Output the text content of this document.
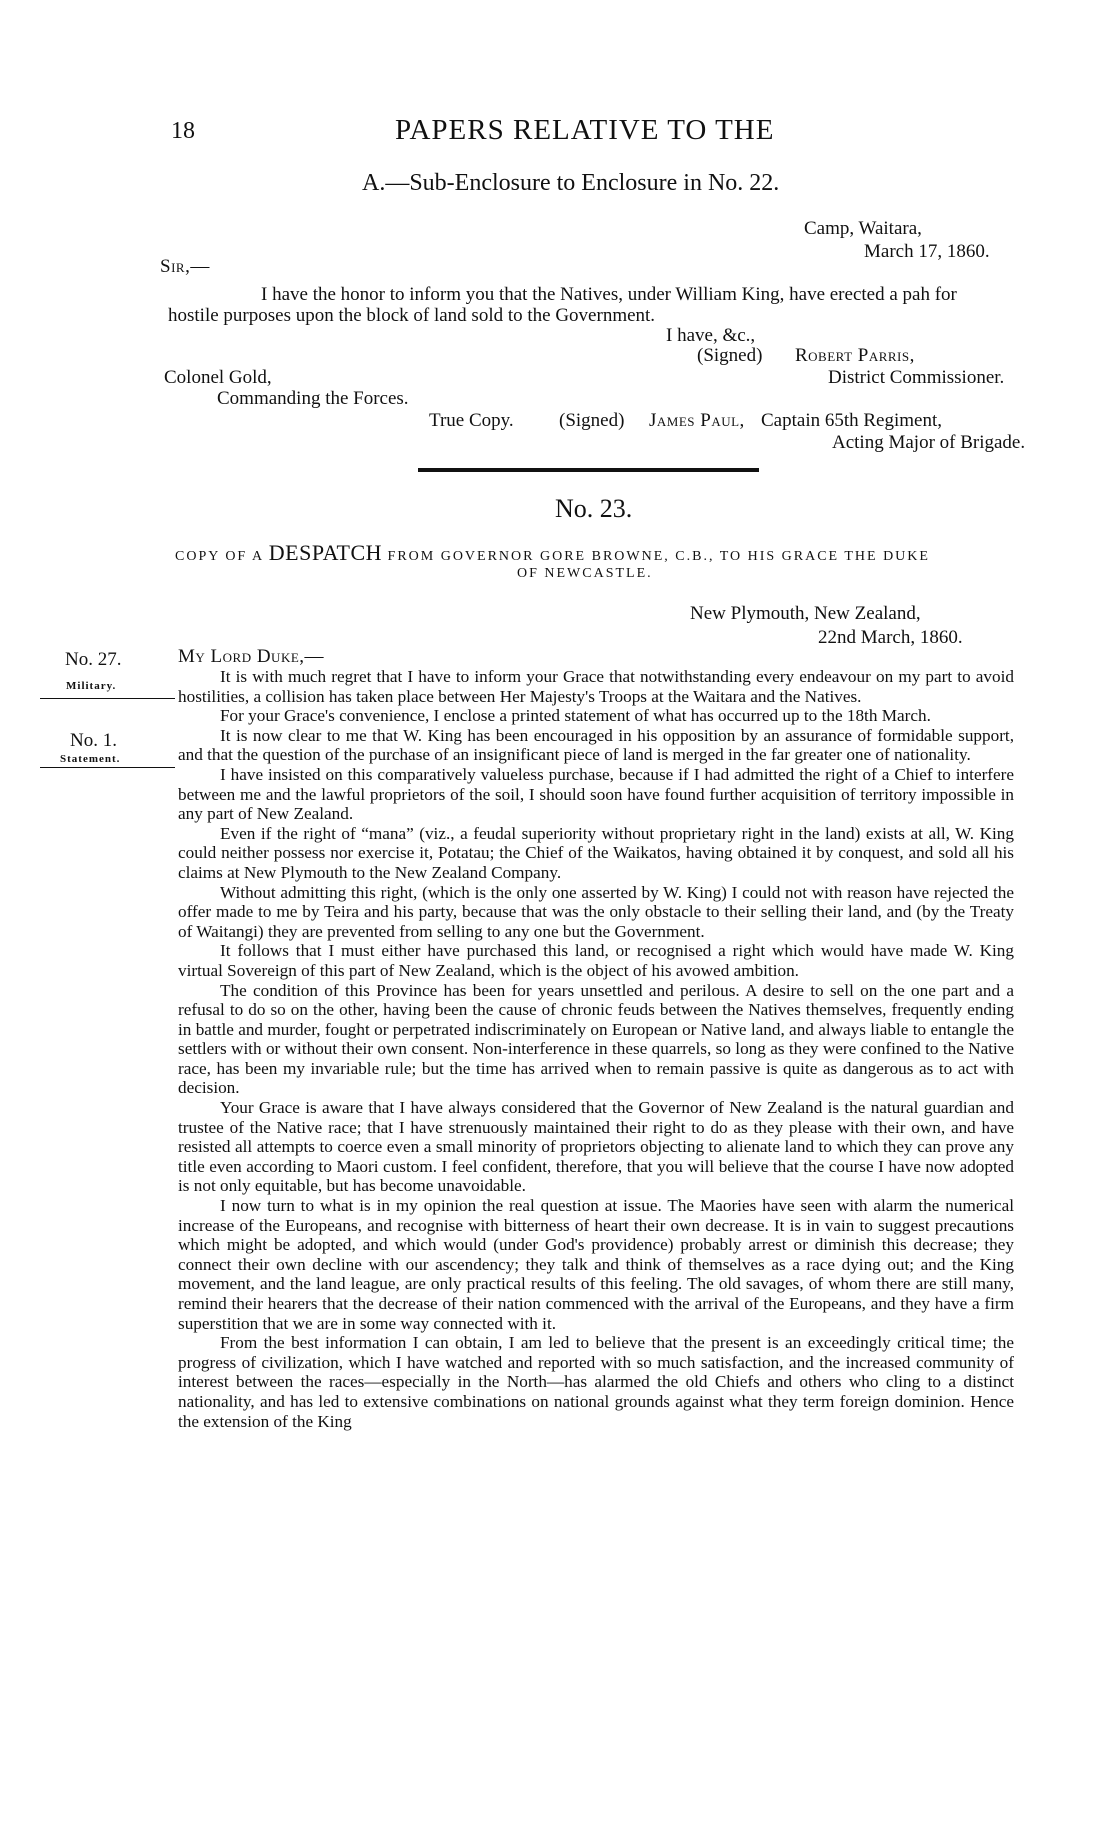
18	PAPERS RELATIVE TO THE
A.—Sub-Enclosure to Enclosure in No. 22.
Camp, Waitara,
March 17, 1860.
Sir,—
I have the honor to inform you that the Natives, under William King, have erected a pah for
hostile purposes upon the block of land sold to the Government.
I have, &c.,
(Signed) Robert Parris,
Colonel Gold,	District Commissioner.
Commanding the Forces.
True Copy. (Signed) James Paul, Captain 65th Regiment,
Acting Major of Brigade.
No. 23.
COPY OF A DESPATCH FROM GOVERNOR GORE BROWNE, C.B., TO HIS GRACE THE DUKE
OF NEWCASTLE.
New Plymouth, New Zealand,
22nd March, 1860.
My Lord Duke,—
No. 27.
Military.
No. 1.
Statement.

It is with much regret that I have to inform your Grace that notwithstanding every endeavour on my part to avoid hostilities, a collision has taken place between Her Majesty's Troops at the Waitara and the Natives.

For your Grace's convenience, I enclose a printed statement of what has occurred up to the 18th March.

It is now clear to me that W. King has been encouraged in his opposition by an assurance of formidable support, and that the question of the purchase of an insignificant piece of land is merged in the far greater one of nationality.

I have insisted on this comparatively valueless purchase, because if I had admitted the right of a Chief to interfere between me and the lawful proprietors of the soil, I should soon have found further acquisition of territory impossible in any part of New Zealand.

Even if the right of “mana” (viz., a feudal superiority without proprietary right in the land) exists at all, W. King could neither possess nor exercise it, Potatau; the Chief of the Waikatos, having obtained it by conquest, and sold all his claims at New Plymouth to the New Zealand Company.

Without admitting this right, (which is the only one asserted by W. King) I could not with reason have rejected the offer made to me by Teira and his party, because that was the only obstacle to their selling their land, and (by the Treaty of Waitangi) they are prevented from selling to any one but the Government.

It follows that I must either have purchased this land, or recognised a right which would have made W. King virtual Sovereign of this part of New Zealand, which is the object of his avowed ambition.

The condition of this Province has been for years unsettled and perilous. A desire to sell on the one part and a refusal to do so on the other, having been the cause of chronic feuds between the Natives themselves, frequently ending in battle and murder, fought or perpetrated indiscriminately on European or Native land, and always liable to entangle the settlers with or without their own consent. Non-interference in these quarrels, so long as they were confined to the Native race, has been my invariable rule; but the time has arrived when to remain passive is quite as dangerous as to act with decision.

Your Grace is aware that I have always considered that the Governor of New Zealand is the natural guardian and trustee of the Native race; that I have strenuously maintained their right to do as they please with their own, and have resisted all attempts to coerce even a small minority of proprietors objecting to alienate land to which they can prove any title even according to Maori custom. I feel confident, therefore, that you will believe that the course I have now adopted is not only equitable, but has become unavoidable.

I now turn to what is in my opinion the real question at issue. The Maories have seen with alarm the numerical increase of the Europeans, and recognise with bitterness of heart their own decrease. It is in vain to suggest precautions which might be adopted, and which would (under God's providence) probably arrest or diminish this decrease; they connect their own decline with our ascendency; they talk and think of themselves as a race dying out; and the King movement, and the land league, are only practical results of this feeling. The old savages, of whom there are still many, remind their hearers that the decrease of their nation commenced with the arrival of the Europeans, and they have a firm superstition that we are in some way connected with it.

From the best information I can obtain, I am led to believe that the present is an exceedingly critical time; the progress of civilization, which I have watched and reported with so much satisfaction, and the increased community of interest between the races—especially in the North—has alarmed the old Chiefs and others who cling to a distinct nationality, and has led to extensive combinations on national grounds against what they term foreign dominion. Hence the extension of the King
